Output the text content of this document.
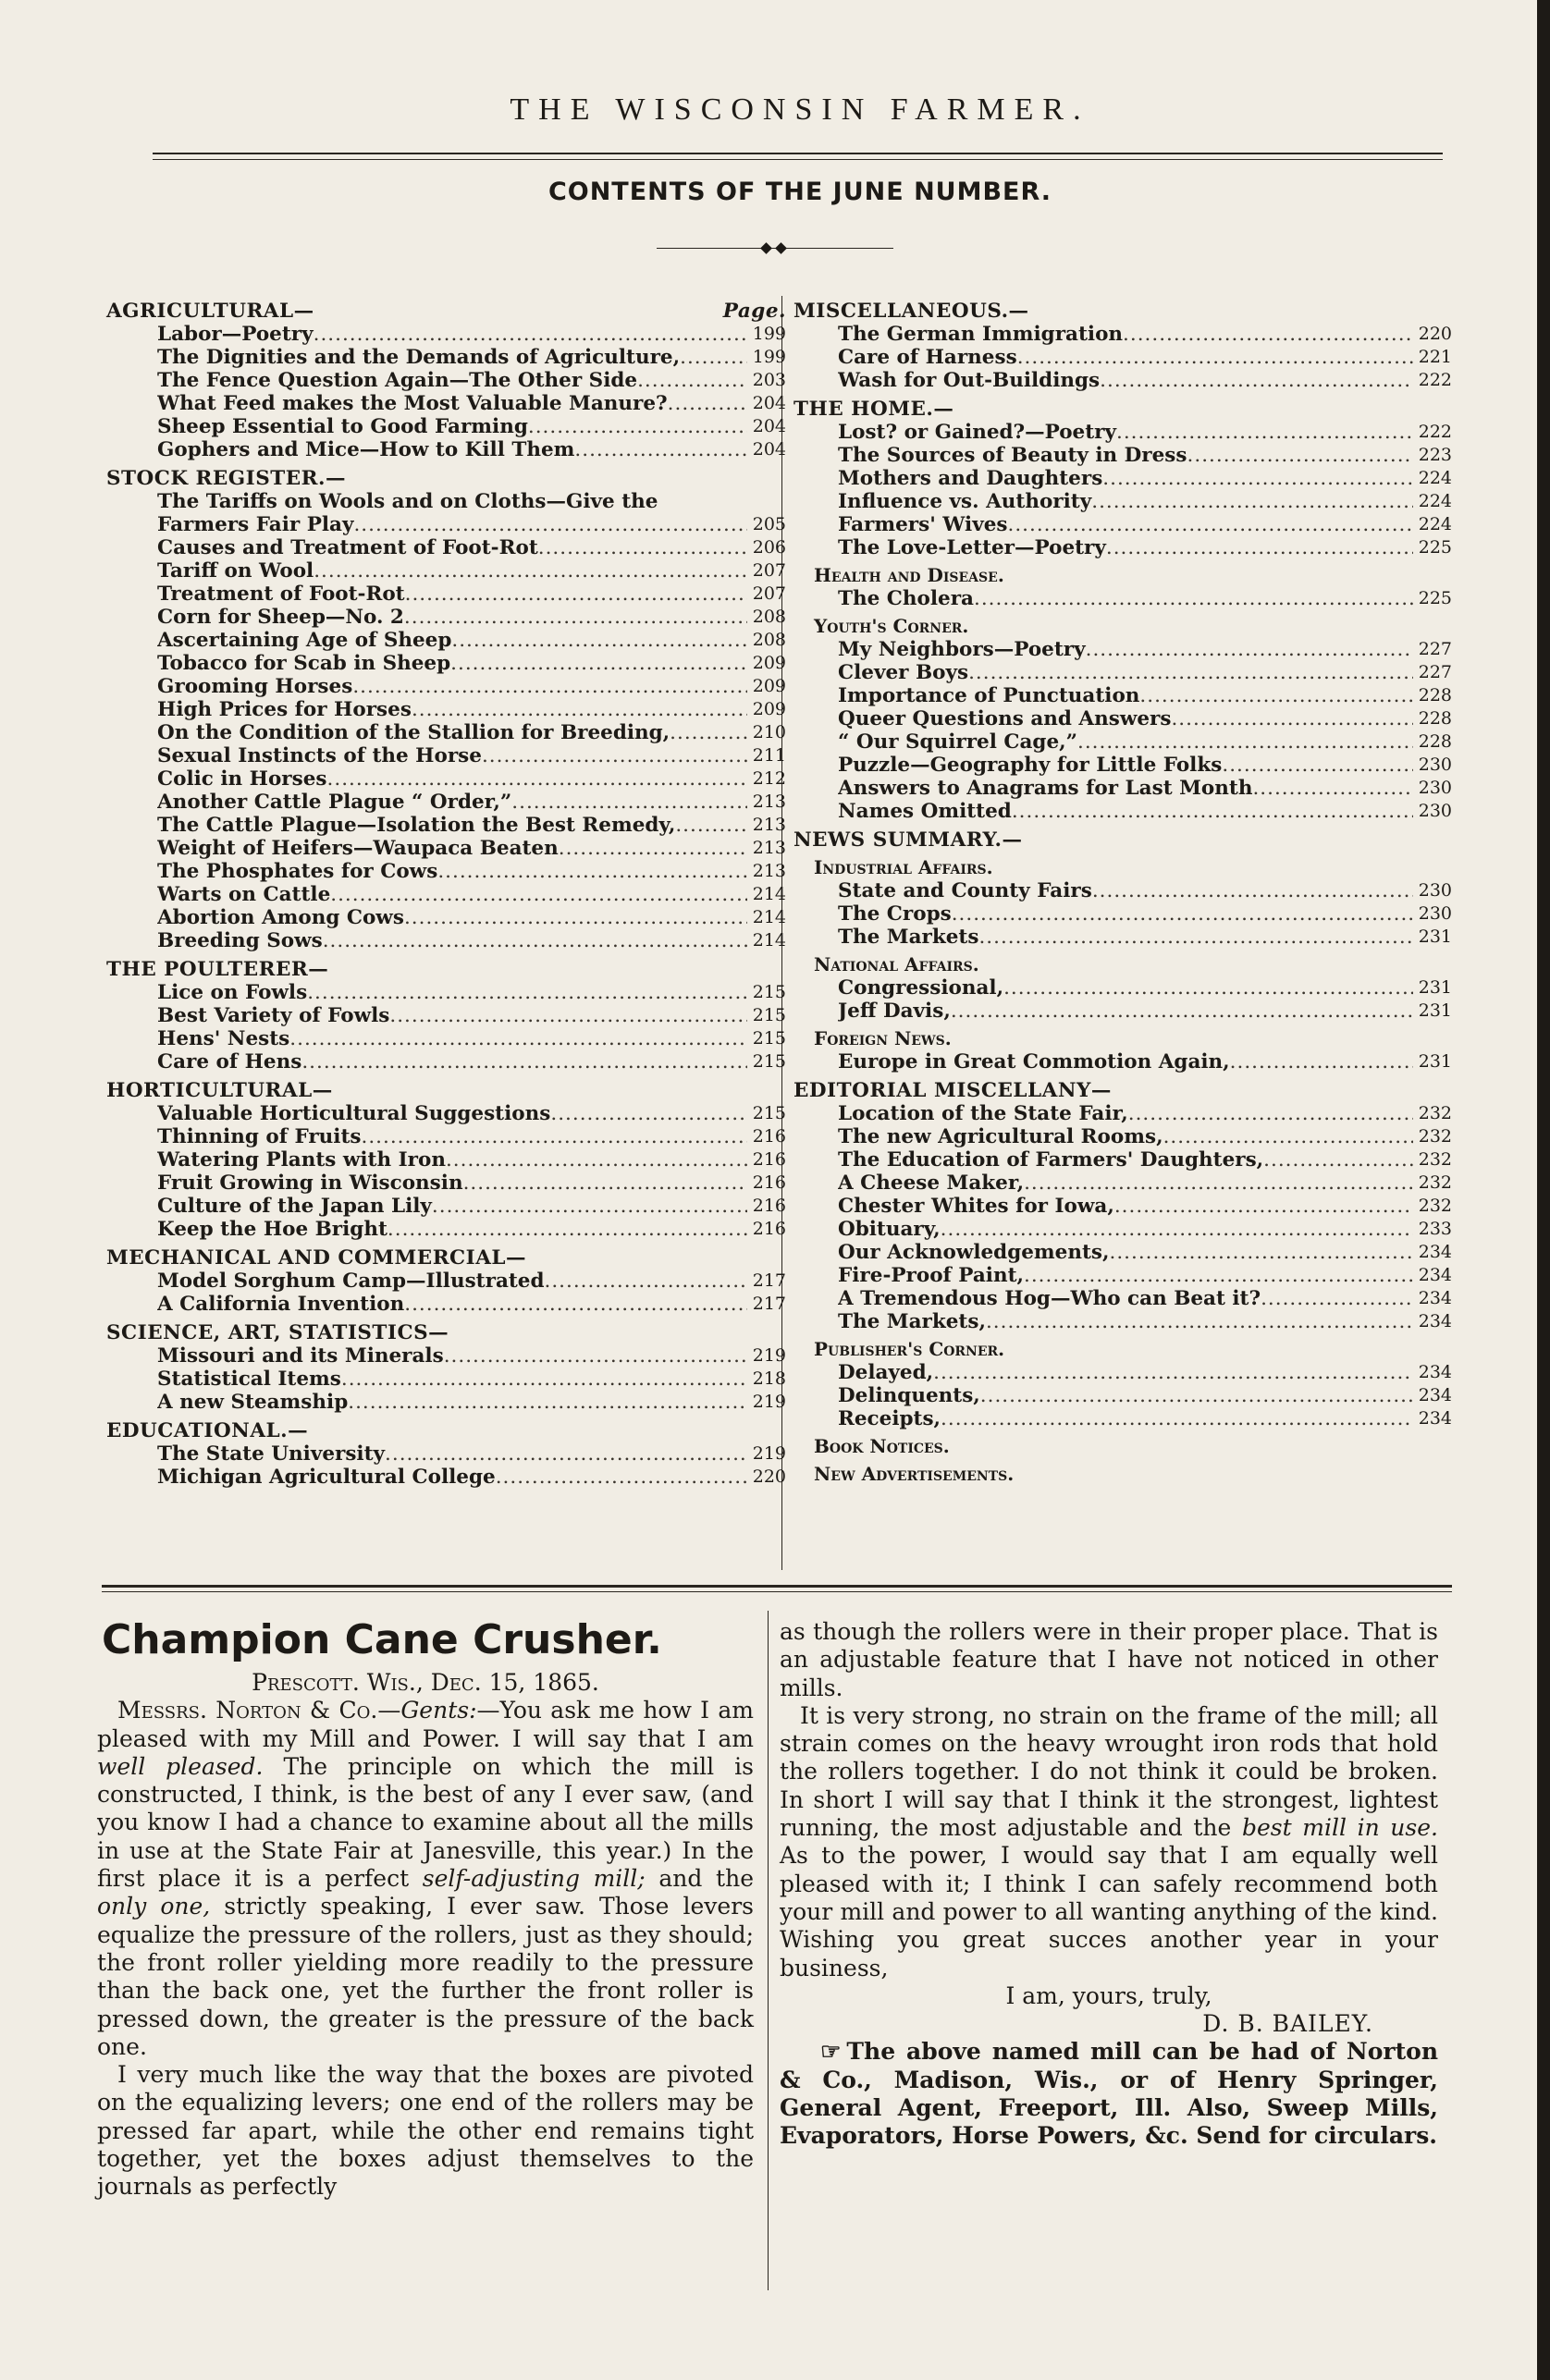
THE WISCONSIN FARMER.
CONTENTS OF THE JUNE NUMBER.
AGRICULTURAL—	Page.
Labor—Poetry .....	199
The Dignities and the Demands of Agriculture, .....	199
The Fence Question Again—The Other Side .....	203
What Feed makes the Most Valuable Manure? .....	204
Sheep Essential to Good Farming .....	204
Gophers and Mice—How to Kill Them .....	204
STOCK REGISTER.—
The Tariffs on Wools and on Cloths—Give the
Farmers Fair Play .....	205
Causes and Treatment of Foot-Rot .....	206
Tariff on Wool .....	207
Treatment of Foot-Rot .....	207
Corn for Sheep—No. 2 .....	208
Ascertaining Age of Sheep .....	208
Tobacco for Scab in Sheep .....	209
Grooming Horses .....	209
High Prices for Horses .....	209
On the Condition of the Stallion for Breeding, .....	210
Sexual Instincts of the Horse .....	211
Colic in Horses .....	212
Another Cattle Plague “ Order,” .....	213
The Cattle Plague—Isolation the Best Remedy, .....	213
Weight of Heifers—Waupaca Beaten .....	213
The Phosphates for Cows .....	213
Warts on Cattle .....	214
Abortion Among Cows .....	214
Breeding Sows .....	214
THE POULTERER—
Lice on Fowls .....	215
Best Variety of Fowls .....	215
Hens' Nests .....	215
Care of Hens .....	215
HORTICULTURAL—
Valuable Horticultural Suggestions .....	215
Thinning of Fruits .....	216
Watering Plants with Iron .....	216
Fruit Growing in Wisconsin .....	216
Culture of the Japan Lily .....	216
Keep the Hoe Bright .....	216
MECHANICAL AND COMMERCIAL—
Model Sorghum Camp—Illustrated .....	217
A California Invention .....	217
SCIENCE, ART, STATISTICS—
Missouri and its Minerals .....	219
Statistical Items .....	218
A new Steamship .....	219
EDUCATIONAL.—
The State University .....	219
Michigan Agricultural College .....	220
MISCELLANEOUS.—
The German Immigration .....	220
Care of Harness .....	221
Wash for Out-Buildings .....	222
THE HOME.—
Lost? or Gained?—Poetry .....	222
The Sources of Beauty in Dress .....	223
Mothers and Daughters .....	224
Influence vs. Authority .....	224
Farmers' Wives .....	224
The Love-Letter—Poetry .....	225
Health and Disease.
The Cholera .....	225
Youth's Corner.
My Neighbors—Poetry .....	227
Clever Boys .....	227
Importance of Punctuation .....	228
Queer Questions and Answers .....	228
“ Our Squirrel Cage,” .....	228
Puzzle—Geography for Little Folks .....	230
Answers to Anagrams for Last Month .....	230
Names Omitted .....	230
NEWS SUMMARY.—
Industrial Affairs.
State and County Fairs .....	230
The Crops .....	230
The Markets .....	231
National Affairs.
Congressional, .....	231
Jeff Davis, .....	231
Foreign News.
Europe in Great Commotion Again, .....	231
EDITORIAL MISCELLANY—
Location of the State Fair, .....	232
The new Agricultural Rooms, .....	232
The Education of Farmers' Daughters, .....	232
A Cheese Maker, .....	232
Chester Whites for Iowa, .....	232
Obituary, .....	233
Our Acknowledgements, .....	234
Fire-Proof Paint, .....	234
A Tremendous Hog—Who can Beat it? .....	234
The Markets, .....	234
Publisher's Corner.
Delayed, .....	234
Delinquents, .....	234
Receipts, .....	234
Book Notices.
New Advertisements.
Champion Cane Crusher.

Prescott. Wis., Dec. 15, 1865.

Messrs. Norton & Co.—Gents:—You ask me how I am pleased with my Mill and Power. I will say that I am well pleased. The principle on which the mill is constructed, I think, is the best of any I ever saw, (and you know I had a chance to examine about all the mills in use at the State Fair at Janesville, this year.) In the first place it is a perfect self-adjusting mill; and the only one, strictly speaking, I ever saw. Those levers equalize the pressure of the rollers, just as they should; the front roller yielding more readily to the pressure than the back one, yet the further the front roller is pressed down, the greater is the pressure of the back one.

I very much like the way that the boxes are pivoted on the equalizing levers; one end of the rollers may be pressed far apart, while the other end remains tight together, yet the boxes adjust themselves to the journals as perfectly

as though the rollers were in their proper place. That is an adjustable feature that I have not noticed in other mills.

It is very strong, no strain on the frame of the mill; all strain comes on the heavy wrought iron rods that hold the rollers together. I do not think it could be broken. In short I will say that I think it the strongest, lightest running, the most adjustable and the best mill in use. As to the power, I would say that I am equally well pleased with it; I think I can safely recommend both your mill and power to all wanting anything of the kind. Wishing you great succes another year in your business,

I am, yours, truly,

D. B. BAILEY.

☞ The above named mill can be had of Norton & Co., Madison, Wis., or of Henry Springer, General Agent, Freeport, Ill. Also, Sweep Mills, Evaporators, Horse Powers, &c. Send for circulars.
